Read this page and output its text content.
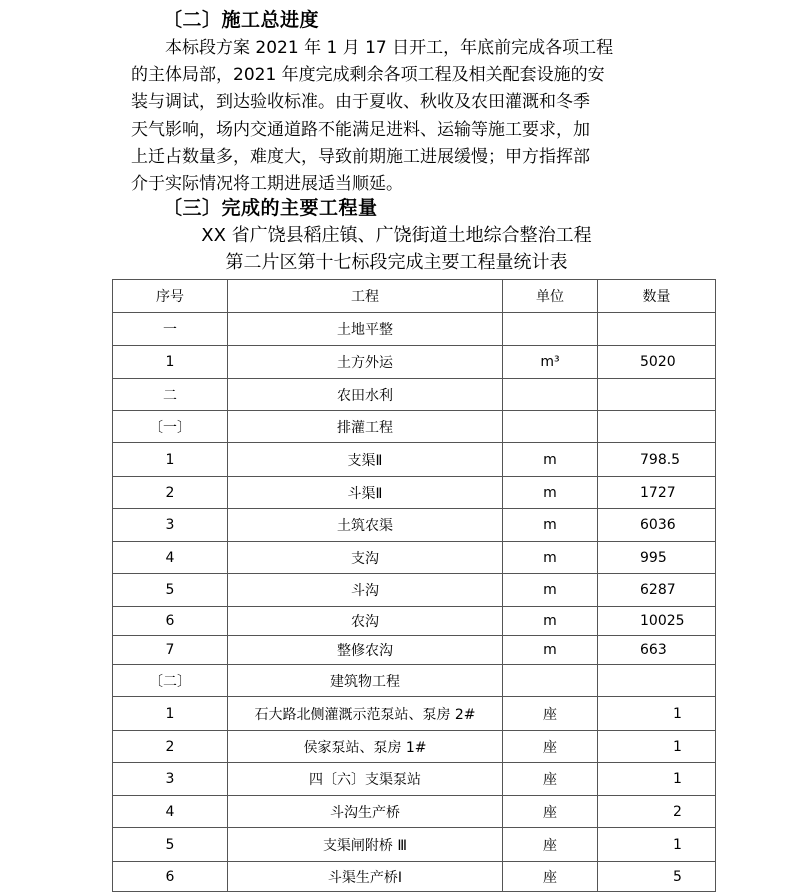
〔二〕施工总进度
本标段方案 2021 年 1 月 17 日开工，年底前完成各项工程
的主体局部，2021 年度完成剩余各项工程及相关配套设施的安
装与调试，到达验收标准。由于夏收、秋收及农田灌溉和冬季
天气影响，场内交通道路不能满足进料、运输等施工要求，加
上迁占数量多，难度大，导致前期施工进展缓慢；甲方指挥部
介于实际情况将工期进展适当顺延。
〔三〕完成的主要工程量
XX 省广饶县稻庄镇、广饶街道土地综合整治工程
第二片区第十七标段完成主要工程量统计表
序号	工程	单位	数量
一	土地平整		
1	土方外运	m³	5020
二	农田水利		
〔一〕	排灌工程		
1	支渠Ⅱ	m	798.5
2	斗渠Ⅱ	m	1727
3	土筑农渠	m	6036
4	支沟	m	995
5	斗沟	m	6287
6	农沟	m	10025
7	整修农沟	m	663
〔二〕	建筑物工程		
1	石大路北侧灌溉示范泵站、泵房 2#	座	1
2	侯家泵站、泵房 1#	座	1
3	四〔六〕支渠泵站	座	1
4	斗沟生产桥	座	2
5	支渠闸附桥 Ⅲ	座	1
6	斗渠生产桥Ⅰ	座	5
